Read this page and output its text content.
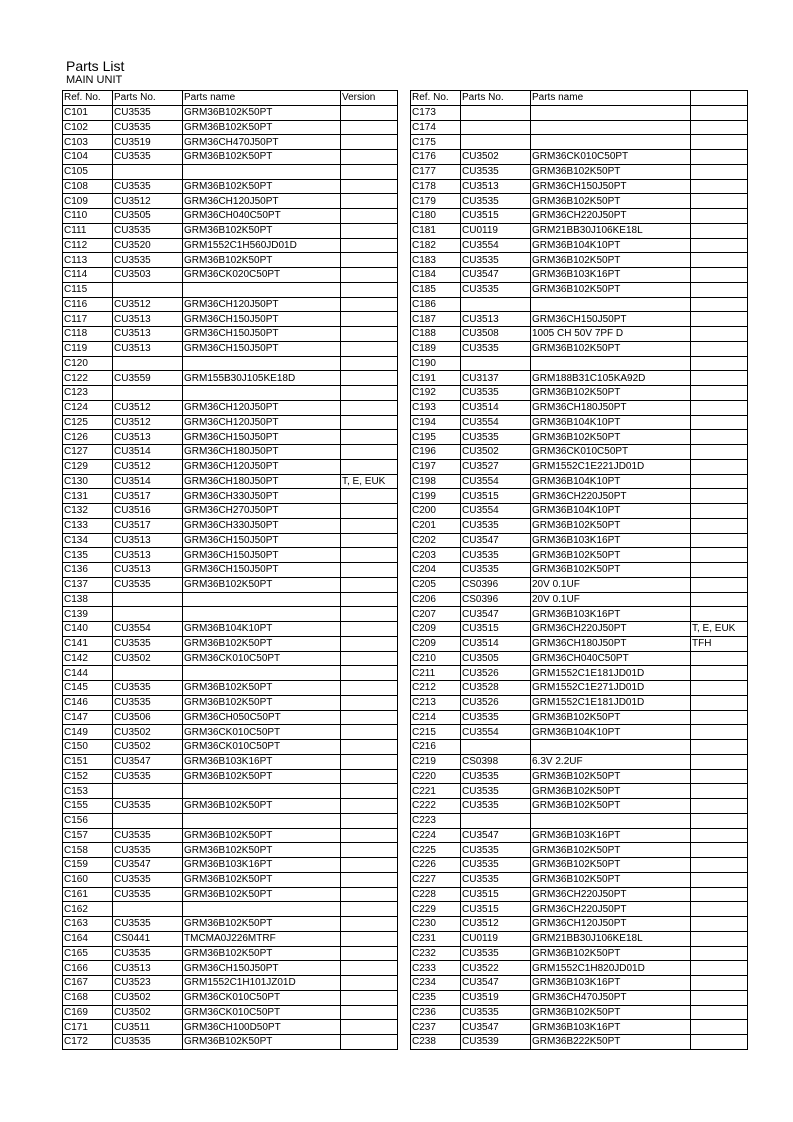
Parts List
MAIN UNIT
Ref. No.	Parts No.	Parts name	Version
C101	CU3535	GRM36B102K50PT	
C102	CU3535	GRM36B102K50PT	
C103	CU3519	GRM36CH470J50PT	
C104	CU3535	GRM36B102K50PT	
C105			
C108	CU3535	GRM36B102K50PT	
C109	CU3512	GRM36CH120J50PT	
C110	CU3505	GRM36CH040C50PT	
C111	CU3535	GRM36B102K50PT	
C112	CU3520	GRM1552C1H560JD01D	
C113	CU3535	GRM36B102K50PT	
C114	CU3503	GRM36CK020C50PT	
C115			
C116	CU3512	GRM36CH120J50PT	
C117	CU3513	GRM36CH150J50PT	
C118	CU3513	GRM36CH150J50PT	
C119	CU3513	GRM36CH150J50PT	
C120			
C122	CU3559	GRM155B30J105KE18D	
C123			
C124	CU3512	GRM36CH120J50PT	
C125	CU3512	GRM36CH120J50PT	
C126	CU3513	GRM36CH150J50PT	
C127	CU3514	GRM36CH180J50PT	
C129	CU3512	GRM36CH120J50PT	
C130	CU3514	GRM36CH180J50PT	T, E, EUK
C131	CU3517	GRM36CH330J50PT	
C132	CU3516	GRM36CH270J50PT	
C133	CU3517	GRM36CH330J50PT	
C134	CU3513	GRM36CH150J50PT	
C135	CU3513	GRM36CH150J50PT	
C136	CU3513	GRM36CH150J50PT	
C137	CU3535	GRM36B102K50PT	
C138			
C139			
C140	CU3554	GRM36B104K10PT	
C141	CU3535	GRM36B102K50PT	
C142	CU3502	GRM36CK010C50PT	
C144			
C145	CU3535	GRM36B102K50PT	
C146	CU3535	GRM36B102K50PT	
C147	CU3506	GRM36CH050C50PT	
C149	CU3502	GRM36CK010C50PT	
C150	CU3502	GRM36CK010C50PT	
C151	CU3547	GRM36B103K16PT	
C152	CU3535	GRM36B102K50PT	
C153			
C155	CU3535	GRM36B102K50PT	
C156			
C157	CU3535	GRM36B102K50PT	
C158	CU3535	GRM36B102K50PT	
C159	CU3547	GRM36B103K16PT	
C160	CU3535	GRM36B102K50PT	
C161	CU3535	GRM36B102K50PT	
C162			
C163	CU3535	GRM36B102K50PT	
C164	CS0441	TMCMA0J226MTRF	
C165	CU3535	GRM36B102K50PT	
C166	CU3513	GRM36CH150J50PT	
C167	CU3523	GRM1552C1H101JZ01D	
C168	CU3502	GRM36CK010C50PT	
C169	CU3502	GRM36CK010C50PT	
C171	CU3511	GRM36CH100D50PT	
C172	CU3535	GRM36B102K50PT	
Ref. No.	Parts No.	Parts name	
C173			
C174			
C175			
C176	CU3502	GRM36CK010C50PT	
C177	CU3535	GRM36B102K50PT	
C178	CU3513	GRM36CH150J50PT	
C179	CU3535	GRM36B102K50PT	
C180	CU3515	GRM36CH220J50PT	
C181	CU0119	GRM21BB30J106KE18L	
C182	CU3554	GRM36B104K10PT	
C183	CU3535	GRM36B102K50PT	
C184	CU3547	GRM36B103K16PT	
C185	CU3535	GRM36B102K50PT	
C186			
C187	CU3513	GRM36CH150J50PT	
C188	CU3508	1005 CH 50V 7PF D	
C189	CU3535	GRM36B102K50PT	
C190			
C191	CU3137	GRM188B31C105KA92D	
C192	CU3535	GRM36B102K50PT	
C193	CU3514	GRM36CH180J50PT	
C194	CU3554	GRM36B104K10PT	
C195	CU3535	GRM36B102K50PT	
C196	CU3502	GRM36CK010C50PT	
C197	CU3527	GRM1552C1E221JD01D	
C198	CU3554	GRM36B104K10PT	
C199	CU3515	GRM36CH220J50PT	
C200	CU3554	GRM36B104K10PT	
C201	CU3535	GRM36B102K50PT	
C202	CU3547	GRM36B103K16PT	
C203	CU3535	GRM36B102K50PT	
C204	CU3535	GRM36B102K50PT	
C205	CS0396	20V 0.1UF	
C206	CS0396	20V 0.1UF	
C207	CU3547	GRM36B103K16PT	
C209	CU3515	GRM36CH220J50PT	T, E, EUK
C209	CU3514	GRM36CH180J50PT	TFH
C210	CU3505	GRM36CH040C50PT	
C211	CU3526	GRM1552C1E181JD01D	
C212	CU3528	GRM1552C1E271JD01D	
C213	CU3526	GRM1552C1E181JD01D	
C214	CU3535	GRM36B102K50PT	
C215	CU3554	GRM36B104K10PT	
C216			
C219	CS0398	6.3V 2.2UF	
C220	CU3535	GRM36B102K50PT	
C221	CU3535	GRM36B102K50PT	
C222	CU3535	GRM36B102K50PT	
C223			
C224	CU3547	GRM36B103K16PT	
C225	CU3535	GRM36B102K50PT	
C226	CU3535	GRM36B102K50PT	
C227	CU3535	GRM36B102K50PT	
C228	CU3515	GRM36CH220J50PT	
C229	CU3515	GRM36CH220J50PT	
C230	CU3512	GRM36CH120J50PT	
C231	CU0119	GRM21BB30J106KE18L	
C232	CU3535	GRM36B102K50PT	
C233	CU3522	GRM1552C1H820JD01D	
C234	CU3547	GRM36B103K16PT	
C235	CU3519	GRM36CH470J50PT	
C236	CU3535	GRM36B102K50PT	
C237	CU3547	GRM36B103K16PT	
C238	CU3539	GRM36B222K50PT	
